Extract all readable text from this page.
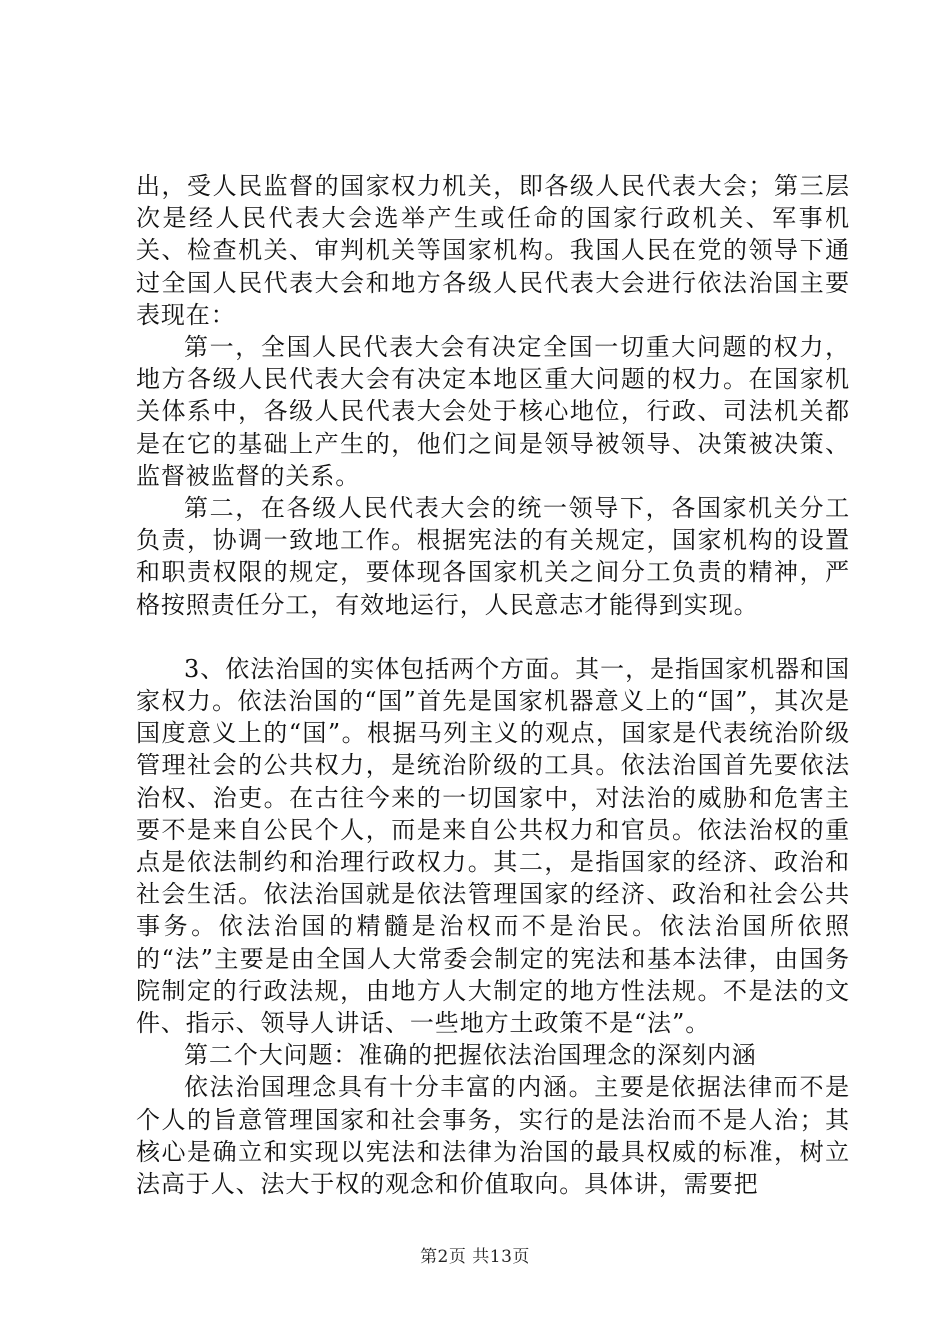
出，受人民监督的国家权力机关，即各级人民代表大会；第三层次是经人民代表大会选举产生或任命的国家行政机关、军事机关、检查机关、审判机关等国家机构。我国人民在党的领导下通过全国人民代表大会和地方各级人民代表大会进行依法治国主要表现在：

第一，全国人民代表大会有决定全国一切重大问题的权力，地方各级人民代表大会有决定本地区重大问题的权力。在国家机关体系中，各级人民代表大会处于核心地位，行政、司法机关都是在它的基础上产生的，他们之间是领导被领导、决策被决策、监督被监督的关系。

第二，在各级人民代表大会的统一领导下，各国家机关分工负责，协调一致地工作。根据宪法的有关规定，国家机构的设置和职责权限的规定，要体现各国家机关之间分工负责的精神，严格按照责任分工，有效地运行，人民意志才能得到实现。

3、依法治国的实体包括两个方面。其一，是指国家机器和国家权力。依法治国的“国”首先是国家机器意义上的“国”，其次是国度意义上的“国”。根据马列主义的观点，国家是代表统治阶级管理社会的公共权力，是统治阶级的工具。依法治国首先要依法治权、治吏。在古往今来的一切国家中，对法治的威胁和危害主要不是来自公民个人，而是来自公共权力和官员。依法治权的重点是依法制约和治理行政权力。其二，是指国家的经济、政治和社会生活。依法治国就是依法管理国家的经济、政治和社会公共事务。依法治国的精髓是治权而不是治民。依法治国所依照的“法”主要是由全国人大常委会制定的宪法和基本法律，由国务院制定的行政法规，由地方人大制定的地方性法规。不是法的文件、指示、领导人讲话、一些地方土政策不是“法”。

第二个大问题：准确的把握依法治国理念的深刻内涵

依法治国理念具有十分丰富的内涵。主要是依据法律而不是个人的旨意管理国家和社会事务，实行的是法治而不是人治；其核心是确立和实现以宪法和法律为治国的最具权威的标准，树立法高于人、法大于权的观念和价值取向。具体讲，需要把

第2页 共13页
